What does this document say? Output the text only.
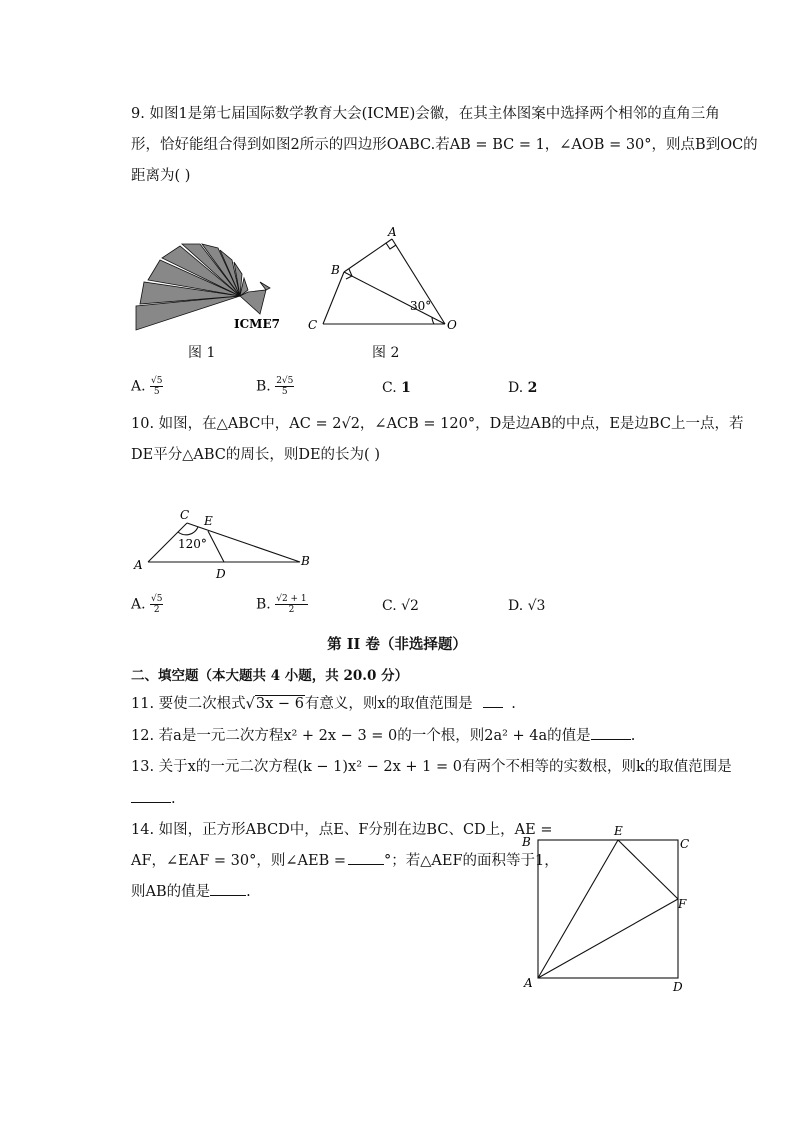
9. 如图1是第七届国际数学教育大会(ICME)会徽，在其主体图案中选择两个相邻的直角三角
形，恰好能组合得到如图2所示的四边形OABC.若AB = BC = 1，∠AOB = 30°，则点B到OC的
距离为( )
ICME7
图 1
A
B
C	O
30°
图 2
A. $\frac{√5}{5}$	B. $\frac{2√5}{5}$	C. 1	D. 2
10. 如图，在△ABC中，AC = 2√2，∠ACB = 120°，D是边AB的中点，E是边BC上一点，若
DE平分△ABC的周长，则DE的长为( )
A	B
C
D
E
120°
A. $\frac{√5}{2}$	B. $\frac{√2 + 1}{2}$	C. √2	D. √3
第 II 卷（非选择题）
二、填空题（本大题共 4 小题，共 20.0 分）
11. 要使二次根式√3x − 6有意义，则x的取值范围是	.
12. 若a是一元二次方程x² + 2x − 3 = 0的一个根，则2a² + 4a的值是	.
13. 关于x的一元二次方程(k − 1)x² − 2x + 1 = 0有两个不相等的实数根，则k的取值范围是
.
14. 如图，正方形ABCD中，点E、F分别在边BC、CD上，AE =
AF，∠EAF = 30°，则∠AEB =	°；若△AEF的面积等于1，
则AB的值是 .
B	C
A	D
E
F
